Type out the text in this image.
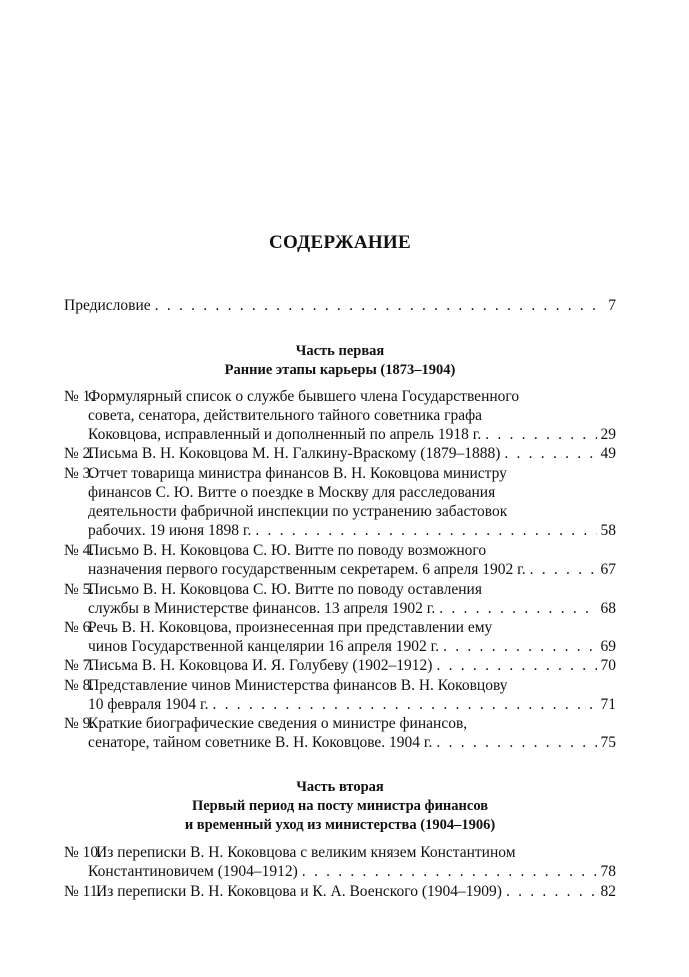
СОДЕРЖАНИЕ
Предисловие . . .	7
Часть первая
Ранние этапы карьеры (1873–1904)
№ 1.Формулярный список о службе бывшего члена Государственного
совета, сенатора, действительного тайного советника графа
Коковцова, исправленный и дополненный по апрель 1918 г. . . .	29
№ 2.Письма В. Н. Коковцова М. Н. Галкину-Враскому (1879–1888) . . .	49
№ 3.Отчет товарища министра финансов В. Н. Коковцова министру
финансов С. Ю. Витте о поездке в Москву для расследования
деятельности фабричной инспекции по устранению забастовок
рабочих. 19 июня 1898 г. . . .	58
№ 4.Письмо В. Н. Коковцова С. Ю. Витте по поводу возможного
назначения первого государственным секретарем. 6 апреля 1902 г. . . .	67
№ 5.Письмо В. Н. Коковцова С. Ю. Витте по поводу оставления
службы в Министерстве финансов. 13 апреля 1902 г. . . .	68
№ 6.Речь В. Н. Коковцова, произнесенная при представлении ему
чинов Государственной канцелярии 16 апреля 1902 г. . . .	69
№ 7.Письма В. Н. Коковцова И. Я. Голубеву (1902–1912) . . .	70
№ 8.Представление чинов Министерства финансов В. Н. Коковцову
10 февраля 1904 г. . . .	71
№ 9.Краткие биографические сведения о министре финансов,
сенаторе, тайном советнике В. Н. Коковцове. 1904 г. . . .	75
Часть вторая
Первый период на посту министра финансов
и временный уход из министерства (1904–1906)
№ 10.Из переписки В. Н. Коковцова с великим князем Константином
Константиновичем (1904–1912) . . .	78
№ 11.Из переписки В. Н. Коковцова и К. А. Военского (1904–1909) . . .	82
